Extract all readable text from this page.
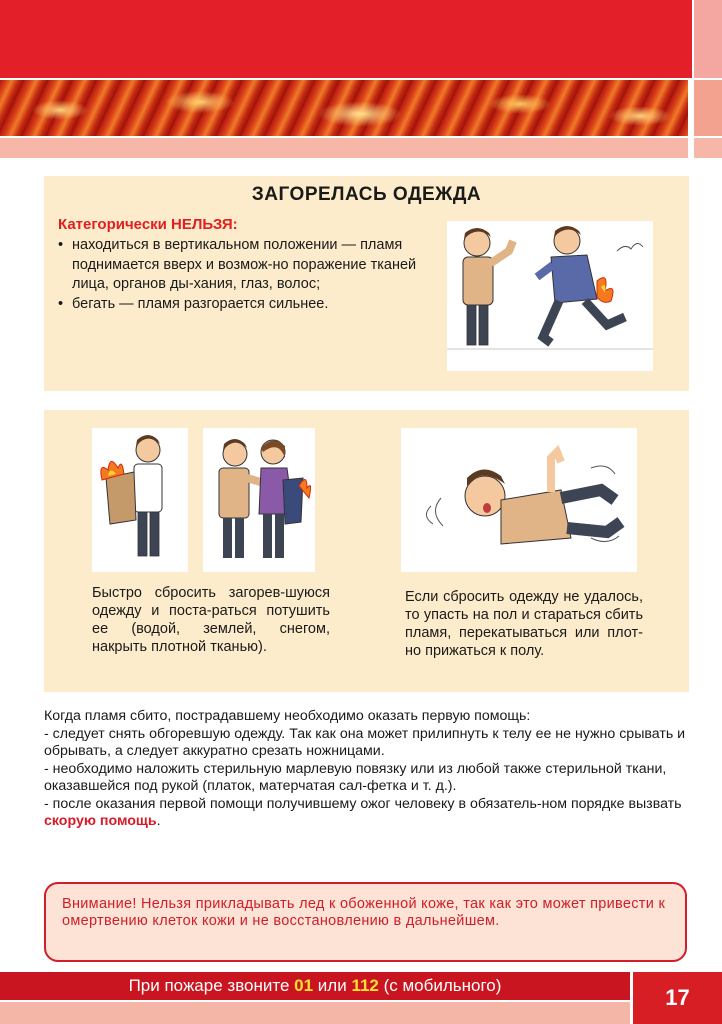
ЗАГОРЕЛАСЬ ОДЕЖДА
Категорически НЕЛЬЗЯ:
• находиться в вертикальном положении — пламя поднимается вверх и возмож-но поражение тканей лица, органов ды-хания, глаз, волос;
• бегать — пламя разгорается сильнее.
Быстро сбросить загорев-шуюся одежду и поста-раться потушить ее (водой, землей, снегом, накрыть плотной тканью).
Если сбросить одежду не удалось, то упасть на пол и стараться сбить пламя, перекатываться или плот-но прижаться к полу.

Когда пламя сбито, пострадавшему необходимо оказать первую помощь:

- следует снять обгоревшую одежду. Так как она может прилипнуть к телу ее не нужно срывать и обрывать, а следует аккуратно срезать ножницами.

- необходимо наложить стерильную марлевую повязку или из любой также стерильной ткани, оказавшейся под рукой (платок, матерчатая сал-фетка и т. д.).

- после оказания первой помощи получившему ожог человеку в обязатель-ном порядке вызвать скорую помощь.

Внимание! Нельзя прикладывать лед к обоженной коже, так как это может привести к омертвению клеток кожи и не восстановлению в дальнейшем.
При пожаре звоните 01 или 112 (с мобильного)	17
